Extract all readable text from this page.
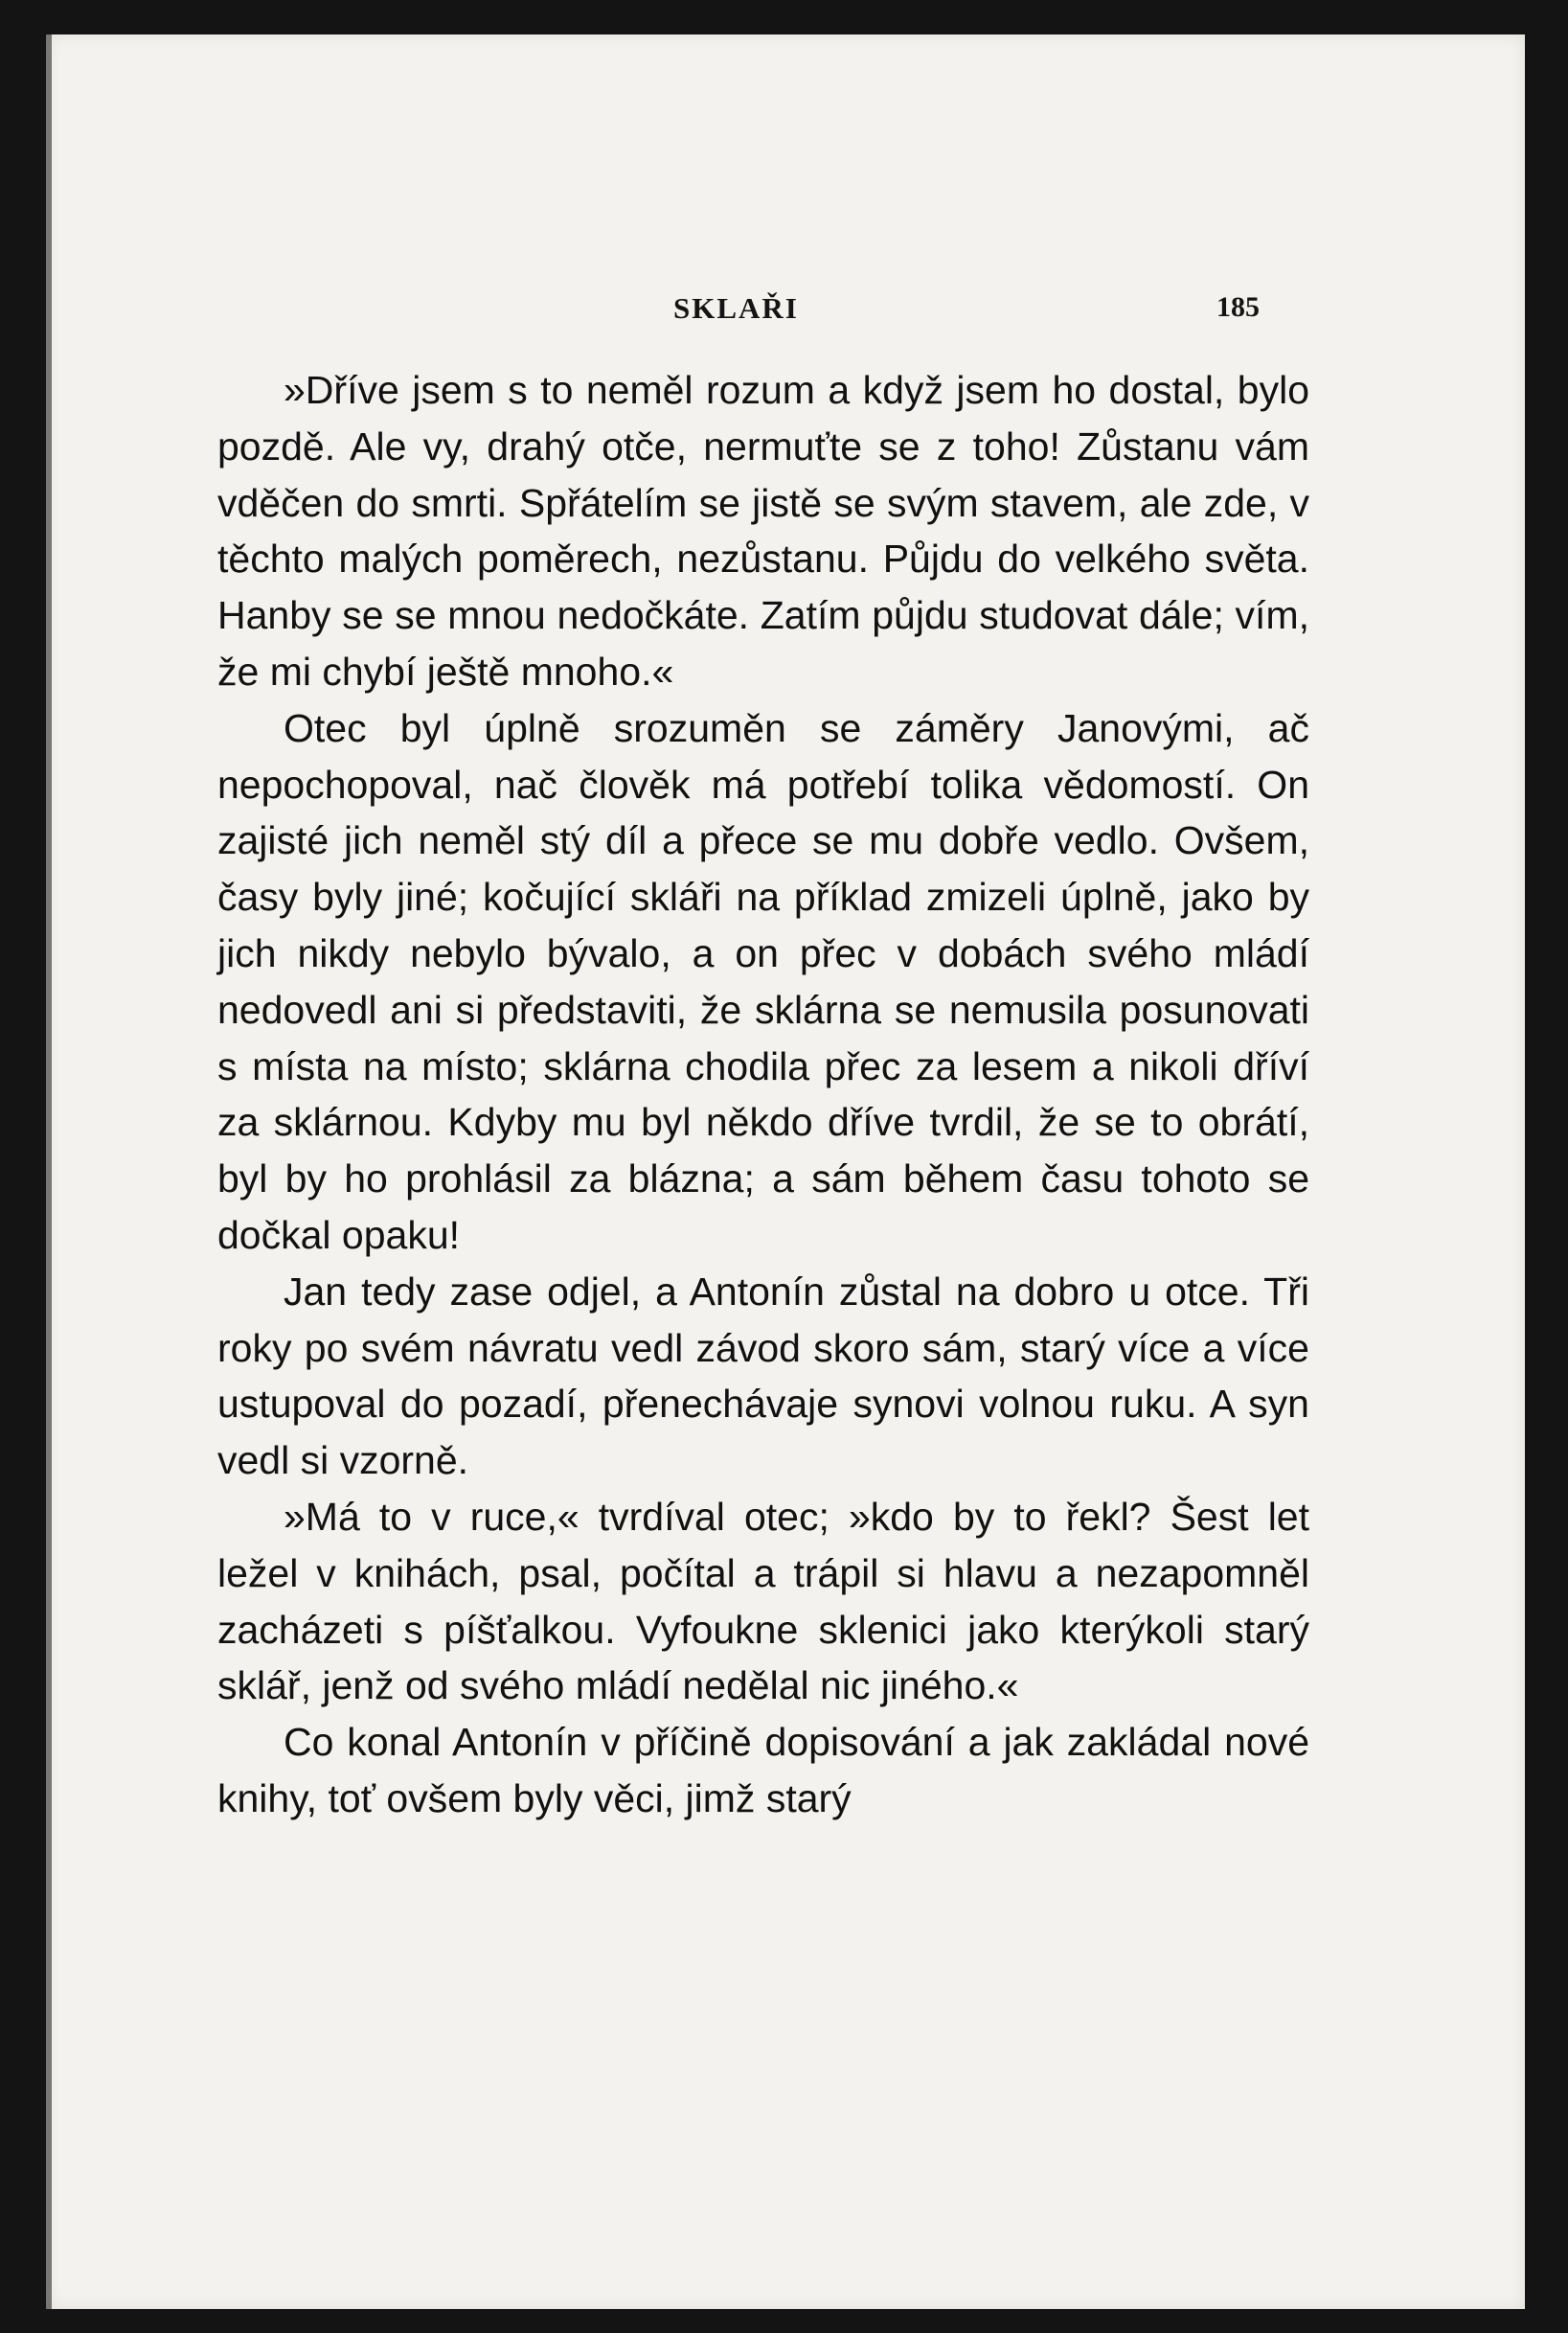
SKLAŘI	185

»Dříve jsem s to neměl rozum a když jsem ho dostal, bylo pozdě. Ale vy, drahý otče, nermuťte se z toho! Zůstanu vám vděčen do smrti. Spřátelím se jistě se svým stavem, ale zde, v těchto malých poměrech, nezůstanu. Půjdu do velkého světa. Hanby se se mnou nedočkáte. Zatím půjdu studovat dále; vím, že mi chybí ještě mnoho.«

Otec byl úplně srozuměn se záměry Janovými, ač nepochopoval, nač člověk má potřebí tolika vědomostí. On zajisté jich neměl stý díl a přece se mu dobře vedlo. Ovšem, časy byly jiné; kočující skláři na příklad zmizeli úplně, jako by jich nikdy nebylo bývalo, a on přec v dobách svého mládí nedovedl ani si představiti, že sklárna se nemusila posunovati s místa na místo; sklárna chodila přec za lesem a nikoli dříví za sklárnou. Kdyby mu byl někdo dříve tvrdil, že se to obrátí, byl by ho prohlásil za blázna; a sám během času tohoto se dočkal opaku!

Jan tedy zase odjel, a Antonín zůstal na dobro u otce. Tři roky po svém návratu vedl závod skoro sám, starý více a více ustupoval do pozadí, přenechávaje synovi volnou ruku. A syn vedl si vzorně.

»Má to v ruce,« tvrdíval otec; »kdo by to řekl? Šest let ležel v knihách, psal, počítal a trápil si hlavu a nezapomněl zacházeti s píšťalkou. Vyfoukne sklenici jako kterýkoli starý sklář, jenž od svého mládí nedělal nic jiného.«

Co konal Antonín v příčině dopisování a jak zakládal nové knihy, toť ovšem byly věci, jimž starý
